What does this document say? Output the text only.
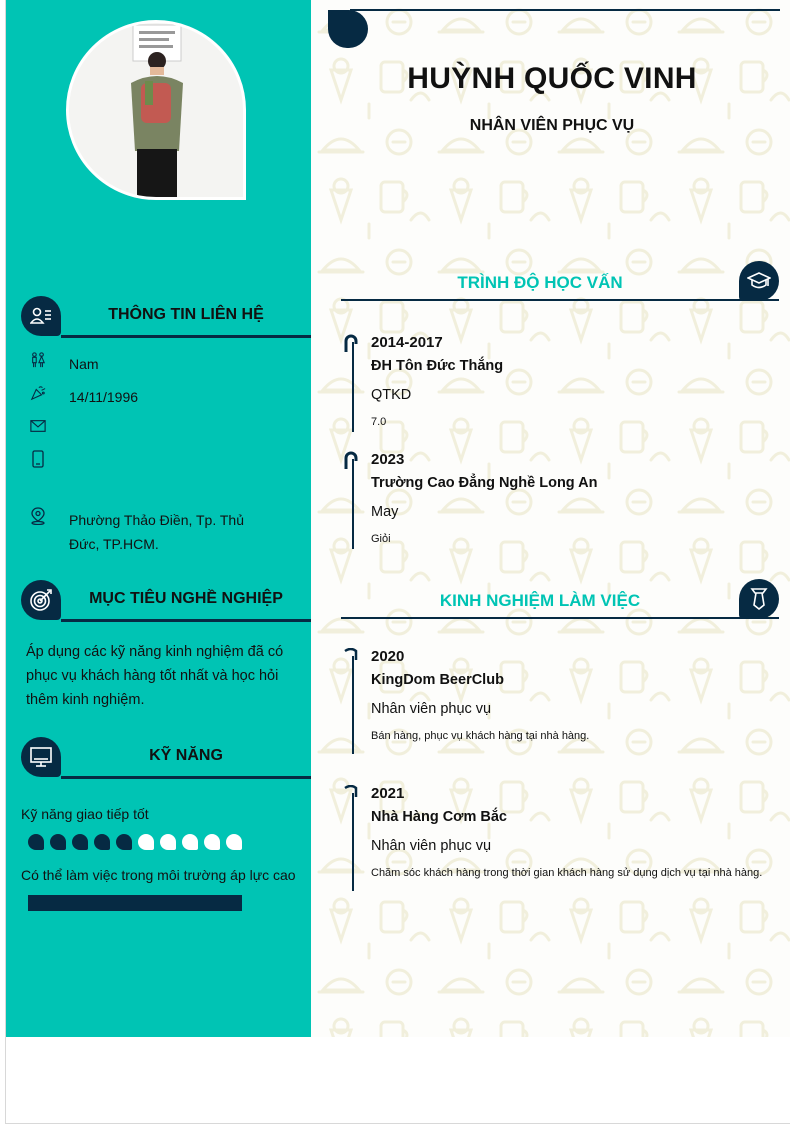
THÔNG TIN LIÊN HỆ
Nam
14/11/1996
Phường Thảo Điền, Tp. Thủ Đức, TP.HCM.
MỤC TIÊU NGHỀ NGHIỆP
Áp dụng các kỹ năng kinh nghiệm đã có phục vụ khách hàng tốt nhất và học hỏi thêm kinh nghiệm.
KỸ NĂNG
Kỹ năng giao tiếp tốt
Có thể làm việc trong môi trường áp lực cao
HUỲNH QUỐC VINH
NHÂN VIÊN PHỤC VỤ
TRÌNH ĐỘ HỌC VẤN
2014-2017
ĐH Tôn Đức Thắng
QTKD
7.0
2023
Trường Cao Đẳng Nghề Long An
May
Giỏi
KINH NGHIỆM LÀM VIỆC
2020
KingDom BeerClub
Nhân viên phục vụ
Bán hàng, phục vụ khách hàng tại nhà hàng.
2021
Nhà Hàng Cơm Bắc
Nhân viên phục vụ
Chăm sóc khách hàng trong thời gian khách hàng sử dụng dịch vụ tại nhà hàng.
